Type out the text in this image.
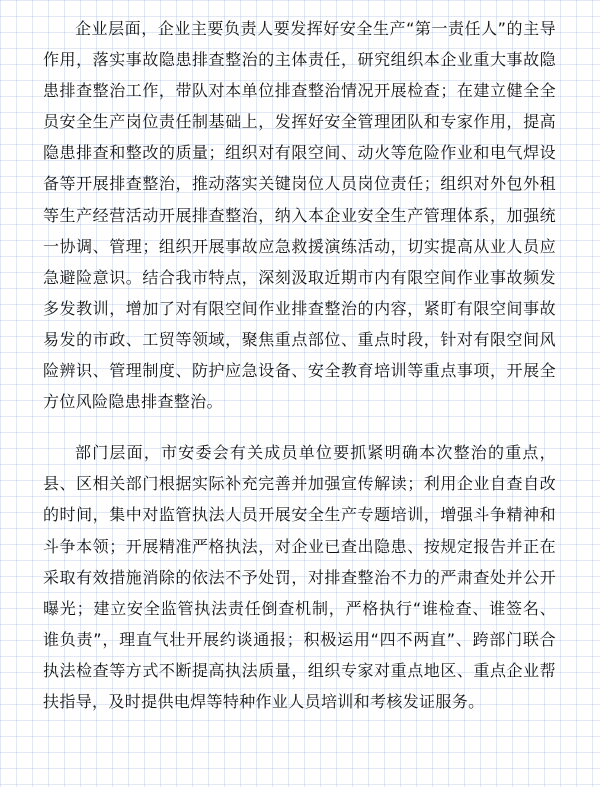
企业层面，企业主要负责人要发挥好安全生产“第一责任人”的主导作用，落实事故隐患排查整治的主体责任，研究组织本企业重大事故隐患排查整治工作，带队对本单位排查整治情况开展检查；在建立健全全员安全生产岗位责任制基础上，发挥好安全管理团队和专家作用，提高隐患排查和整改的质量；组织对有限空间、动火等危险作业和电气焊设备等开展排查整治，推动落实关键岗位人员岗位责任；组织对外包外租等生产经营活动开展排查整治，纳入本企业安全生产管理体系，加强统一协调、管理；组织开展事故应急救援演练活动，切实提高从业人员应急避险意识。结合我市特点，深刻汲取近期市内有限空间作业事故频发多发教训，增加了对有限空间作业排查整治的内容，紧盯有限空间事故易发的市政、工贸等领域，聚焦重点部位、重点时段，针对有限空间风险辨识、管理制度、防护应急设备、安全教育培训等重点事项，开展全方位风险隐患排查整治。

部门层面，市安委会有关成员单位要抓紧明确本次整治的重点，县、区相关部门根据实际补充完善并加强宣传解读；利用企业自查自改的时间，集中对监管执法人员开展安全生产专题培训，增强斗争精神和斗争本领；开展精准严格执法，对企业已查出隐患、按规定报告并正在采取有效措施消除的依法不予处罚，对排查整治不力的严肃查处并公开曝光；建立安全监管执法责任倒查机制，严格执行“谁检查、谁签名、谁负责”，理直气壮开展约谈通报；积极运用“四不两直”、跨部门联合执法检查等方式不断提高执法质量，组织专家对重点地区、重点企业帮扶指导，及时提供电焊等特种作业人员培训和考核发证服务。
